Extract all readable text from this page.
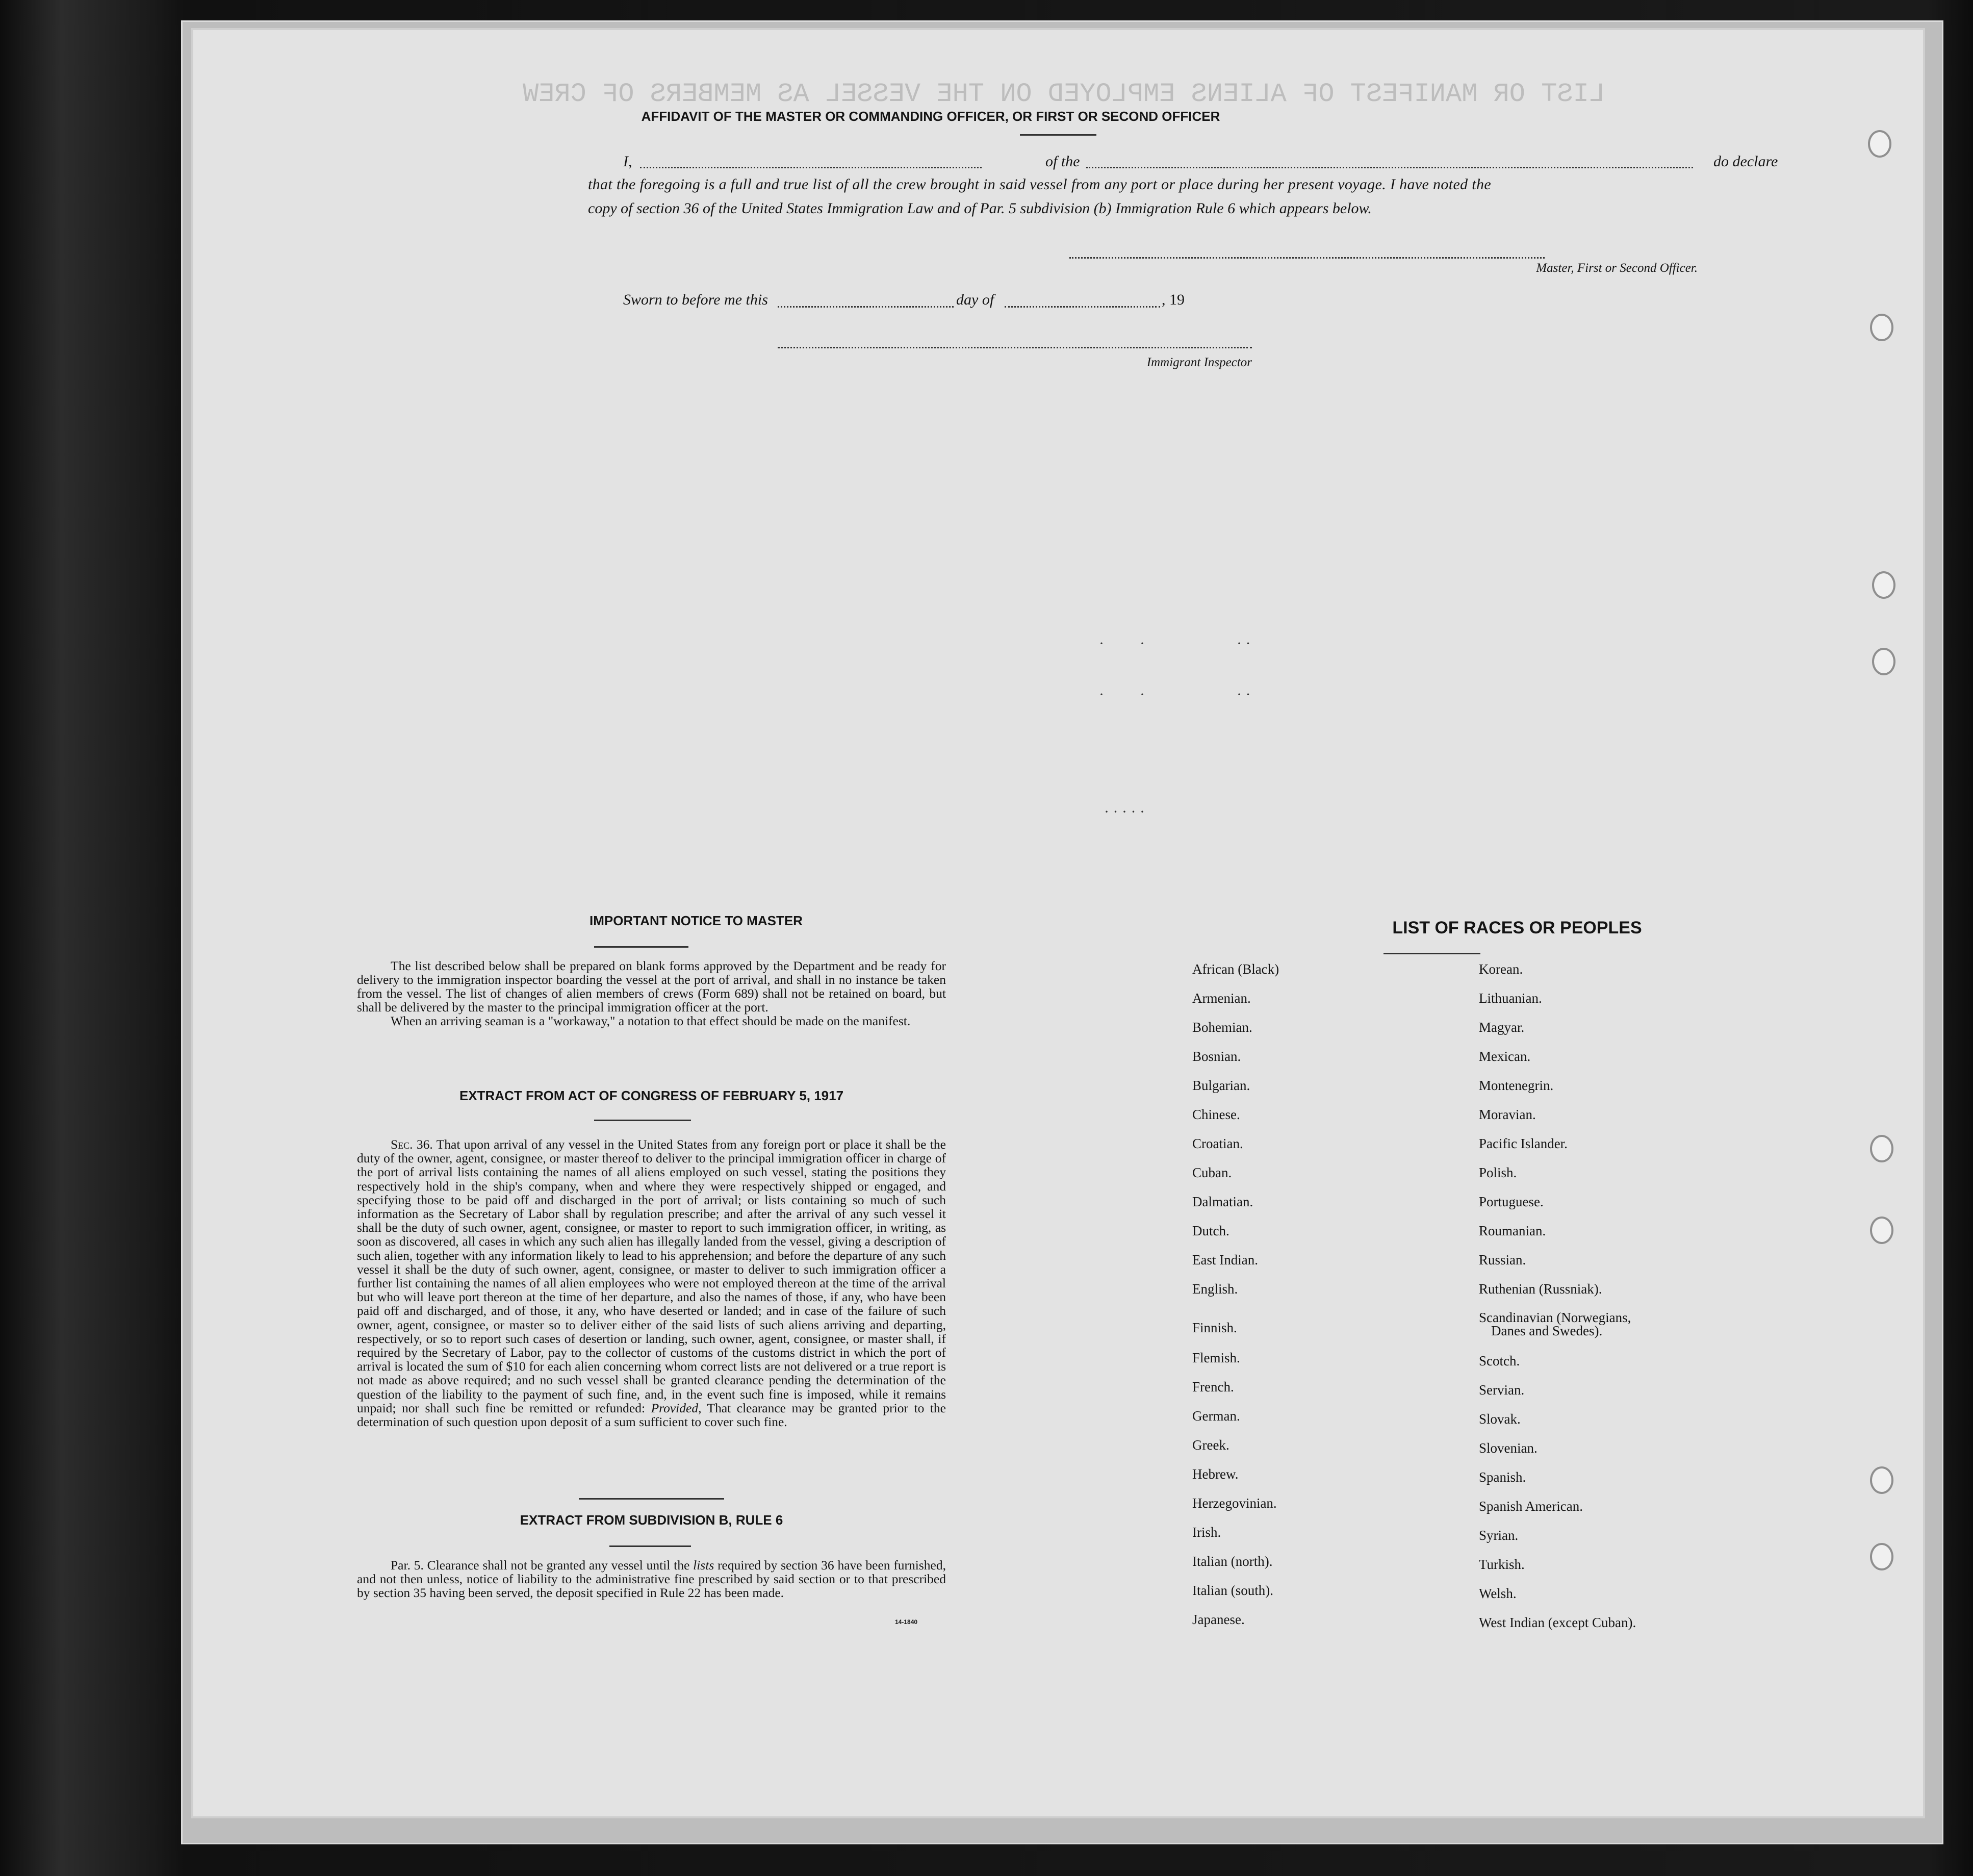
LIST OR MANIFEST OF ALIENS EMPLOYED ON THE VESSEL AS MEMBERS OF CREW
AFFIDAVIT OF THE MASTER OR COMMANDING OFFICER, OR FIRST OR SECOND OFFICER
I,	of the	do declare
that the foregoing is a full and true list of all the crew brought in said vessel from any port or place during her present voyage. I have noted the
copy of section 36 of the United States Immigration Law and of Par. 5 subdivision (b) Immigration Rule 6 which appears below.
Master, First or Second Officer.
Sworn to before me this	day of	, 19
Immigrant Inspector
· ·	· ·
· ·	· ·
· · · · ·
IMPORTANT NOTICE TO MASTER

The list described below shall be prepared on blank forms approved by the Department and be ready for delivery to the immigration inspector boarding the vessel at the port of arrival, and shall in no instance be taken from the vessel. The list of changes of alien members of crews (Form 689) shall not be retained on board, but shall be delivered by the master to the principal immigration officer at the port.

When an arriving seaman is a "workaway," a notation to that effect should be made on the manifest.

EXTRACT FROM ACT OF CONGRESS OF FEBRUARY 5, 1917

Sec. 36. That upon arrival of any vessel in the United States from any foreign port or place it shall be the duty of the owner, agent, consignee, or master thereof to deliver to the principal immigration officer in charge of the port of arrival lists containing the names of all aliens employed on such vessel, stating the positions they respectively hold in the ship's company, when and where they were respectively shipped or engaged, and specifying those to be paid off and discharged in the port of arrival; or lists containing so much of such information as the Secretary of Labor shall by regulation prescribe; and after the arrival of any such vessel it shall be the duty of such owner, agent, consignee, or master to report to such immigration officer, in writing, as soon as discovered, all cases in which any such alien has illegally landed from the vessel, giving a description of such alien, together with any information likely to lead to his apprehension; and before the departure of any such vessel it shall be the duty of such owner, agent, consignee, or master to deliver to such immigration officer a further list containing the names of all alien employees who were not employed thereon at the time of the arrival but who will leave port thereon at the time of her departure, and also the names of those, if any, who have been paid off and discharged, and of those, it any, who have deserted or landed; and in case of the failure of such owner, agent, consignee, or master so to deliver either of the said lists of such aliens arriving and departing, respectively, or so to report such cases of desertion or landing, such owner, agent, consignee, or master shall, if required by the Secretary of Labor, pay to the collector of customs of the customs district in which the port of arrival is located the sum of $10 for each alien concerning whom correct lists are not delivered or a true report is not made as above required; and no such vessel shall be granted clearance pending the determination of the question of the liability to the payment of such fine, and, in the event such fine is imposed, while it remains unpaid; nor shall such fine be remitted or refunded: Provided, That clearance may be granted prior to the determination of such question upon deposit of a sum sufficient to cover such fine.

EXTRACT FROM SUBDIVISION B, RULE 6

Par. 5. Clearance shall not be granted any vessel until the lists required by section 36 have been furnished, and not then unless, notice of liability to the administrative fine prescribed by said section or to that prescribed by section 35 having been served, the deposit specified in Rule 22 has been made.

14-1840
LIST OF RACES OR PEOPLES
African (Black)
Armenian.
Bohemian.
Bosnian.
Bulgarian.
Chinese.
Croatian.
Cuban.
Dalmatian.
Dutch.
East Indian.
English.
Finnish.
Flemish.
French.
German.
Greek.
Hebrew.
Herzegovinian.
Irish.
Italian (north).
Italian (south).
Japanese.
Korean.
Lithuanian.
Magyar.
Mexican.
Montenegrin.
Moravian.
Pacific Islander.
Polish.
Portuguese.
Roumanian.
Russian.
Ruthenian (Russniak).
Scandinavian (Norwegians,
Danes and Swedes).
Scotch.
Servian.
Slovak.
Slovenian.
Spanish.
Spanish American.
Syrian.
Turkish.
Welsh.
West Indian (except Cuban).
